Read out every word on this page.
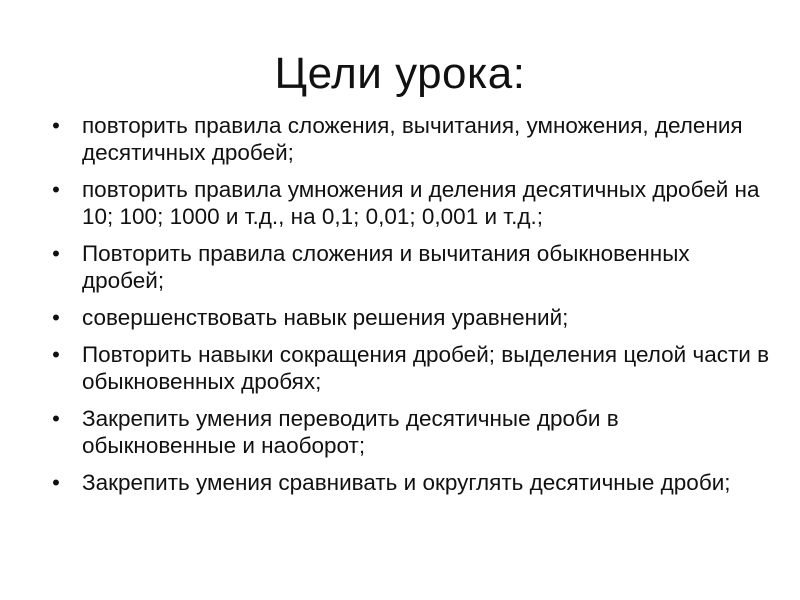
Цели урока:
• повторить правила сложения, вычитания, умножения, деления десятичных дробей;
• повторить правила умножения и деления десятичных дробей на 10; 100; 1000 и т.д., на 0,1; 0,01; 0,001 и т.д.;
• Повторить правила сложения и вычитания обыкновенных дробей;
• совершенствовать навык решения уравнений;
• Повторить навыки сокращения дробей; выделения целой части в обыкновенных дробях;
• Закрепить умения переводить десятичные дроби в обыкновенные и наоборот;
• Закрепить умения сравнивать и округлять десятичные дроби;
